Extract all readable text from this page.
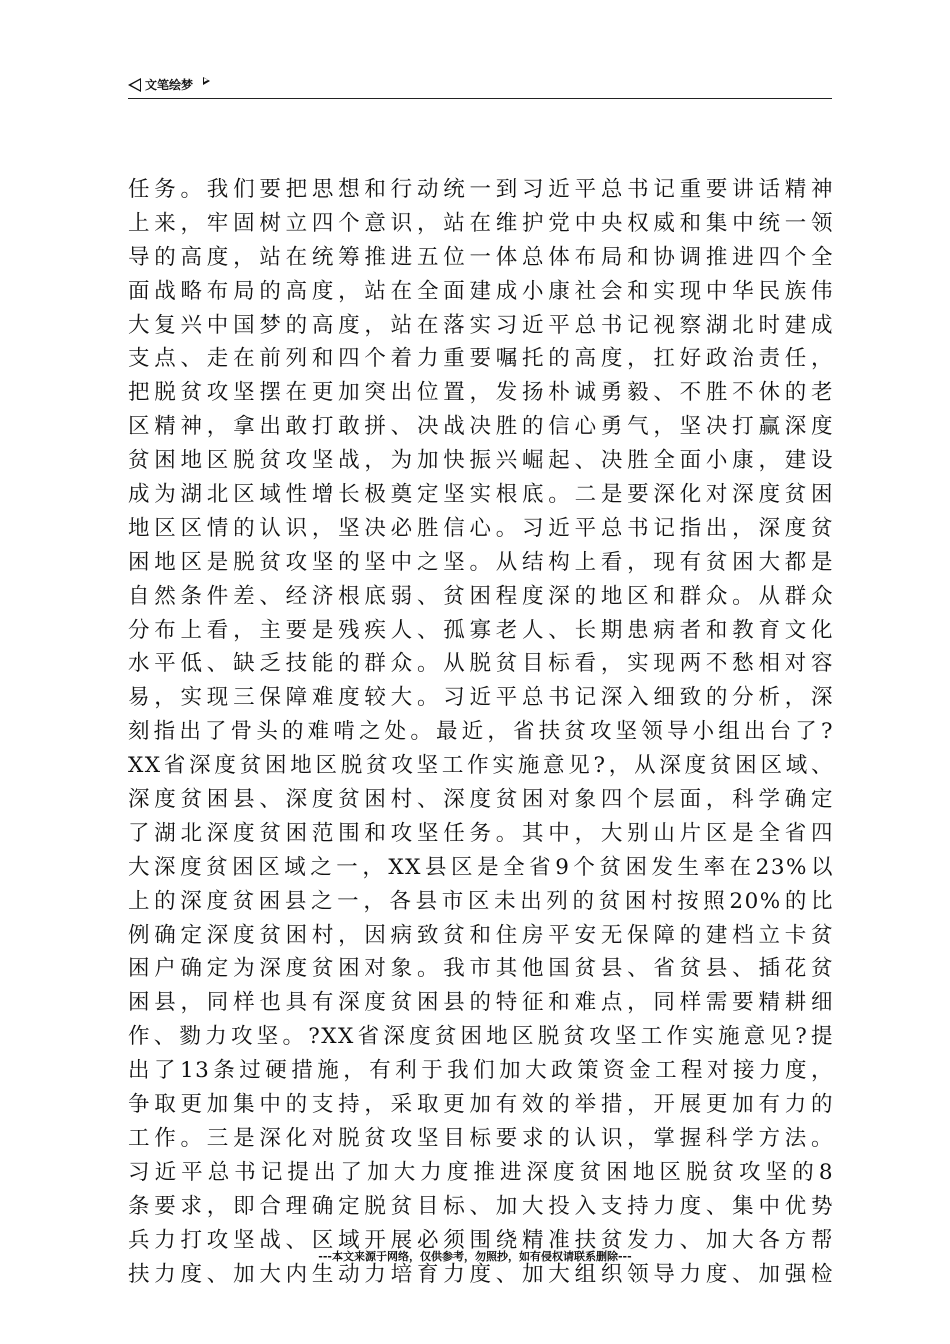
文笔绘梦
任务。我们要把思想和行动统一到习近平总书记重要讲话精神
上来，牢固树立四个意识，站在维护党中央权威和集中统一领
导的高度，站在统筹推进五位一体总体布局和协调推进四个全
面战略布局的高度，站在全面建成小康社会和实现中华民族伟
大复兴中国梦的高度，站在落实习近平总书记视察湖北时建成
支点、走在前列和四个着力重要嘱托的高度，扛好政治责任，
把脱贫攻坚摆在更加突出位置，发扬朴诚勇毅、不胜不休的老
区精神，拿出敢打敢拼、决战决胜的信心勇气，坚决打赢深度
贫困地区脱贫攻坚战，为加快振兴崛起、决胜全面小康，建设
成为湖北区域性增长极奠定坚实根底。二是要深化对深度贫困
地区区情的认识，坚决必胜信心。习近平总书记指出，深度贫
困地区是脱贫攻坚的坚中之坚。从结构上看，现有贫困大都是
自然条件差、经济根底弱、贫困程度深的地区和群众。从群众
分布上看，主要是残疾人、孤寡老人、长期患病者和教育文化
水平低、缺乏技能的群众。从脱贫目标看，实现两不愁相对容
易，实现三保障难度较大。习近平总书记深入细致的分析，深
刻指出了骨头的难啃之处。最近，省扶贫攻坚领导小组出台了?
XX省深度贫困地区脱贫攻坚工作实施意见?，从深度贫困区域、
深度贫困县、深度贫困村、深度贫困对象四个层面，科学确定
了湖北深度贫困范围和攻坚任务。其中，大别山片区是全省四
大深度贫困区域之一，XX县区是全省9个贫困发生率在23%以
上的深度贫困县之一，各县市区未出列的贫困村按照20%的比
例确定深度贫困村，因病致贫和住房平安无保障的建档立卡贫
困户确定为深度贫困对象。我市其他国贫县、省贫县、插花贫
困县，同样也具有深度贫困县的特征和难点，同样需要精耕细
作、勠力攻坚。?XX省深度贫困地区脱贫攻坚工作实施意见?提
出了13条过硬措施，有利于我们加大政策资金工程对接力度，
争取更加集中的支持，采取更加有效的举措，开展更加有力的
工作。三是深化对脱贫攻坚目标要求的认识，掌握科学方法。
习近平总书记提出了加大力度推进深度贫困地区脱贫攻坚的8
条要求，即合理确定脱贫目标、加大投入支持力度、集中优势
兵力打攻坚战、区域开展必须围绕精准扶贫发力、加大各方帮
扶力度、加大内生动力培育力度、加大组织领导力度、加强检
---本文来源于网络，仅供参考，勿照抄，如有侵权请联系删除---
